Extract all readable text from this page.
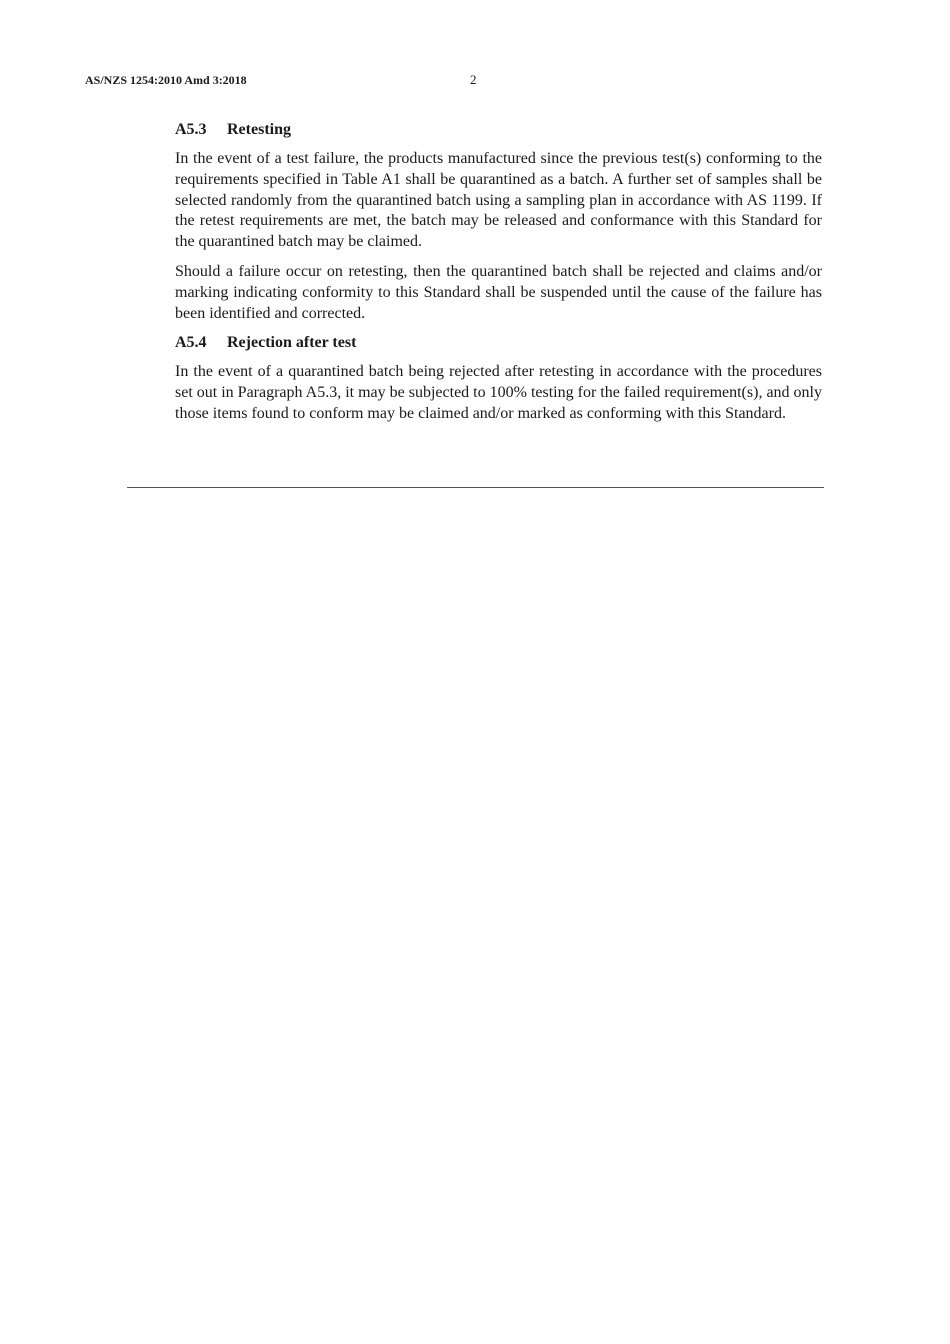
AS/NZS 1254:2010 Amd 3:2018	2
A5.3 Retesting

In the event of a test failure, the products manufactured since the previous test(s) conforming to the requirements specified in Table A1 shall be quarantined as a batch. A further set of samples shall be selected randomly from the quarantined batch using a sampling plan in accordance with AS 1199. If the retest requirements are met, the batch may be released and conformance with this Standard for the quarantined batch may be claimed.

Should a failure occur on retesting, then the quarantined batch shall be rejected and claims and/or marking indicating conformity to this Standard shall be suspended until the cause of the failure has been identified and corrected.

A5.4 Rejection after test

In the event of a quarantined batch being rejected after retesting in accordance with the procedures set out in Paragraph A5.3, it may be subjected to 100% testing for the failed requirement(s), and only those items found to conform may be claimed and/or marked as conforming with this Standard.
